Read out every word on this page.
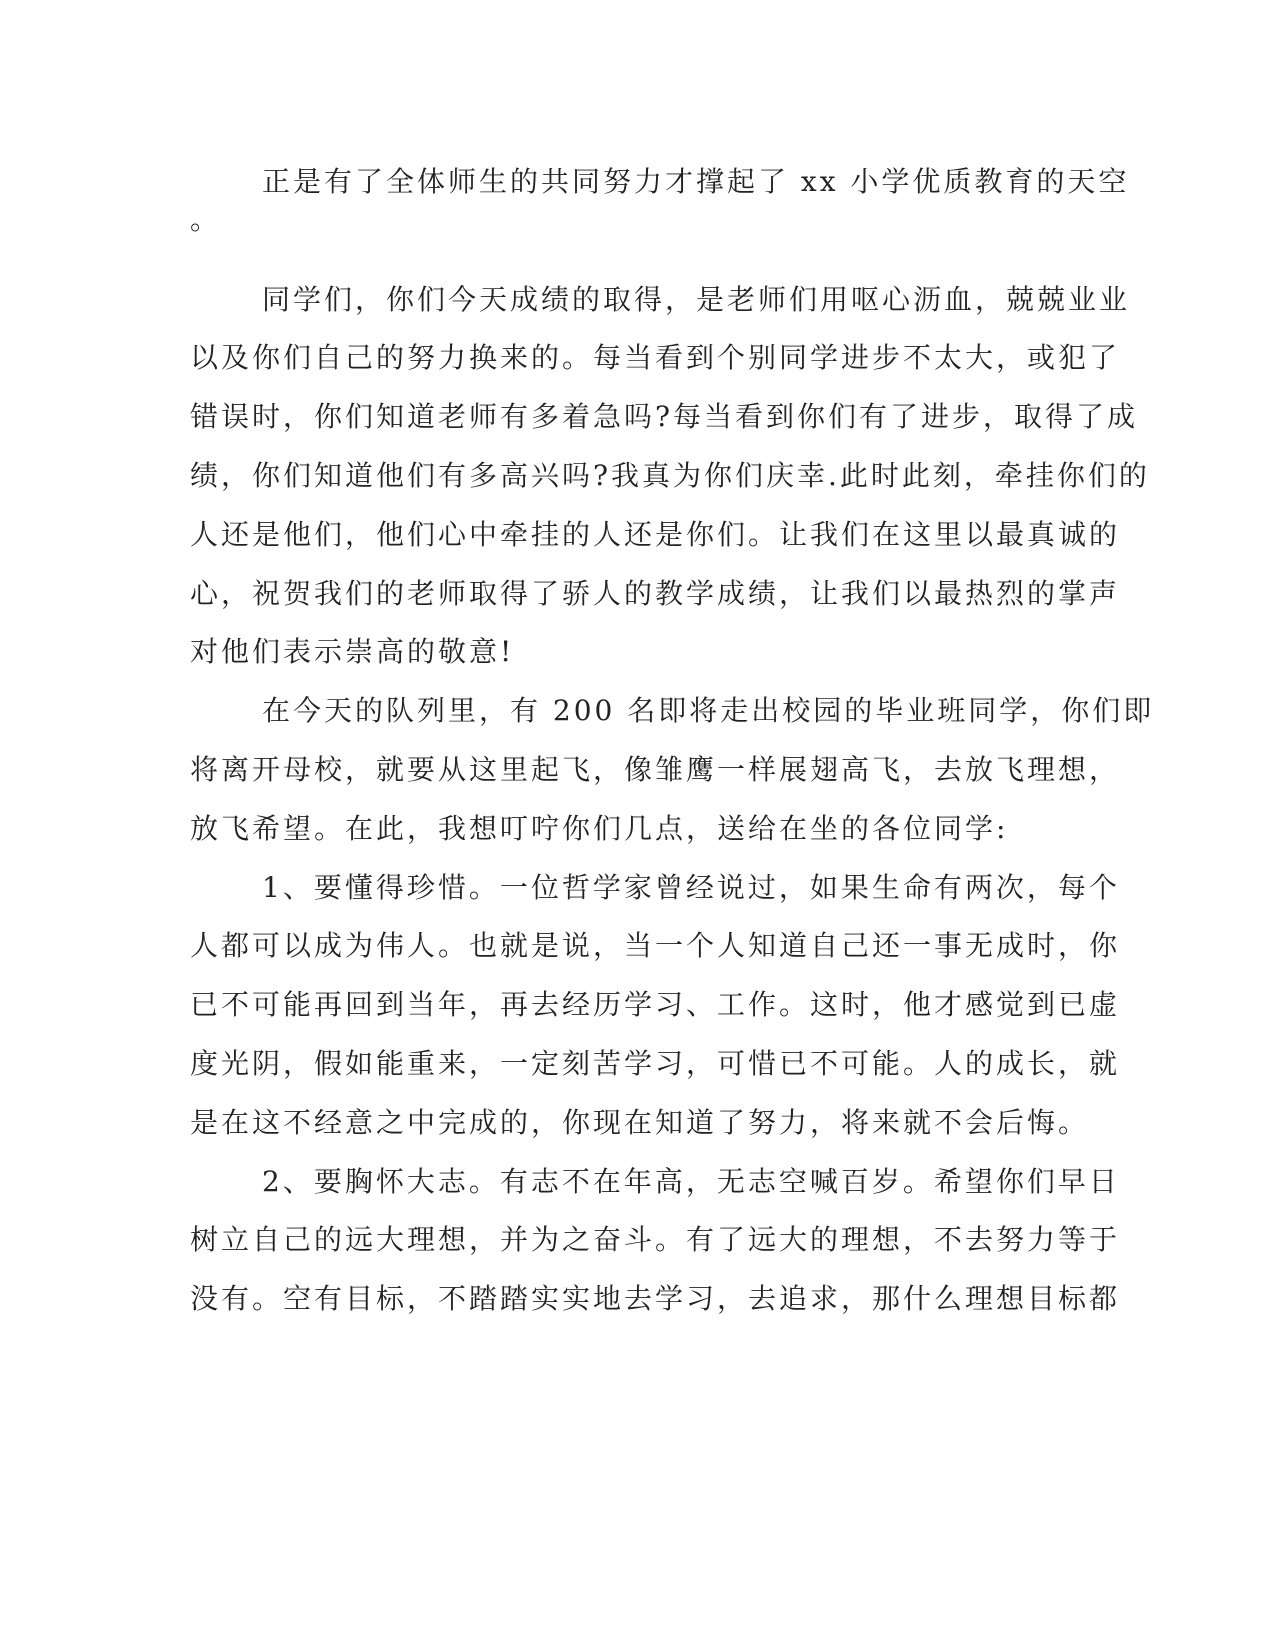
正是有了全体师生的共同努力才撑起了 xx 小学优质教育的天空
。
同学们，你们今天成绩的取得，是老师们用呕心沥血，兢兢业业
以及你们自己的努力换来的。每当看到个别同学进步不太大，或犯了
错误时，你们知道老师有多着急吗?每当看到你们有了进步，取得了成
绩，你们知道他们有多高兴吗?我真为你们庆幸.此时此刻，牵挂你们的
人还是他们，他们心中牵挂的人还是你们。让我们在这里以最真诚的
心，祝贺我们的老师取得了骄人的教学成绩，让我们以最热烈的掌声
对他们表示崇高的敬意!
在今天的队列里，有 200 名即将走出校园的毕业班同学，你们即
将离开母校，就要从这里起飞，像雏鹰一样展翅高飞，去放飞理想，
放飞希望。在此，我想叮咛你们几点，送给在坐的各位同学:
1、要懂得珍惜。一位哲学家曾经说过，如果生命有两次，每个
人都可以成为伟人。也就是说，当一个人知道自己还一事无成时，你
已不可能再回到当年，再去经历学习、工作。这时，他才感觉到已虚
度光阴，假如能重来，一定刻苦学习，可惜已不可能。人的成长，就
是在这不经意之中完成的，你现在知道了努力，将来就不会后悔。
2、要胸怀大志。有志不在年高，无志空喊百岁。希望你们早日
树立自己的远大理想，并为之奋斗。有了远大的理想，不去努力等于
没有。空有目标，不踏踏实实地去学习，去追求，那什么理想目标都
